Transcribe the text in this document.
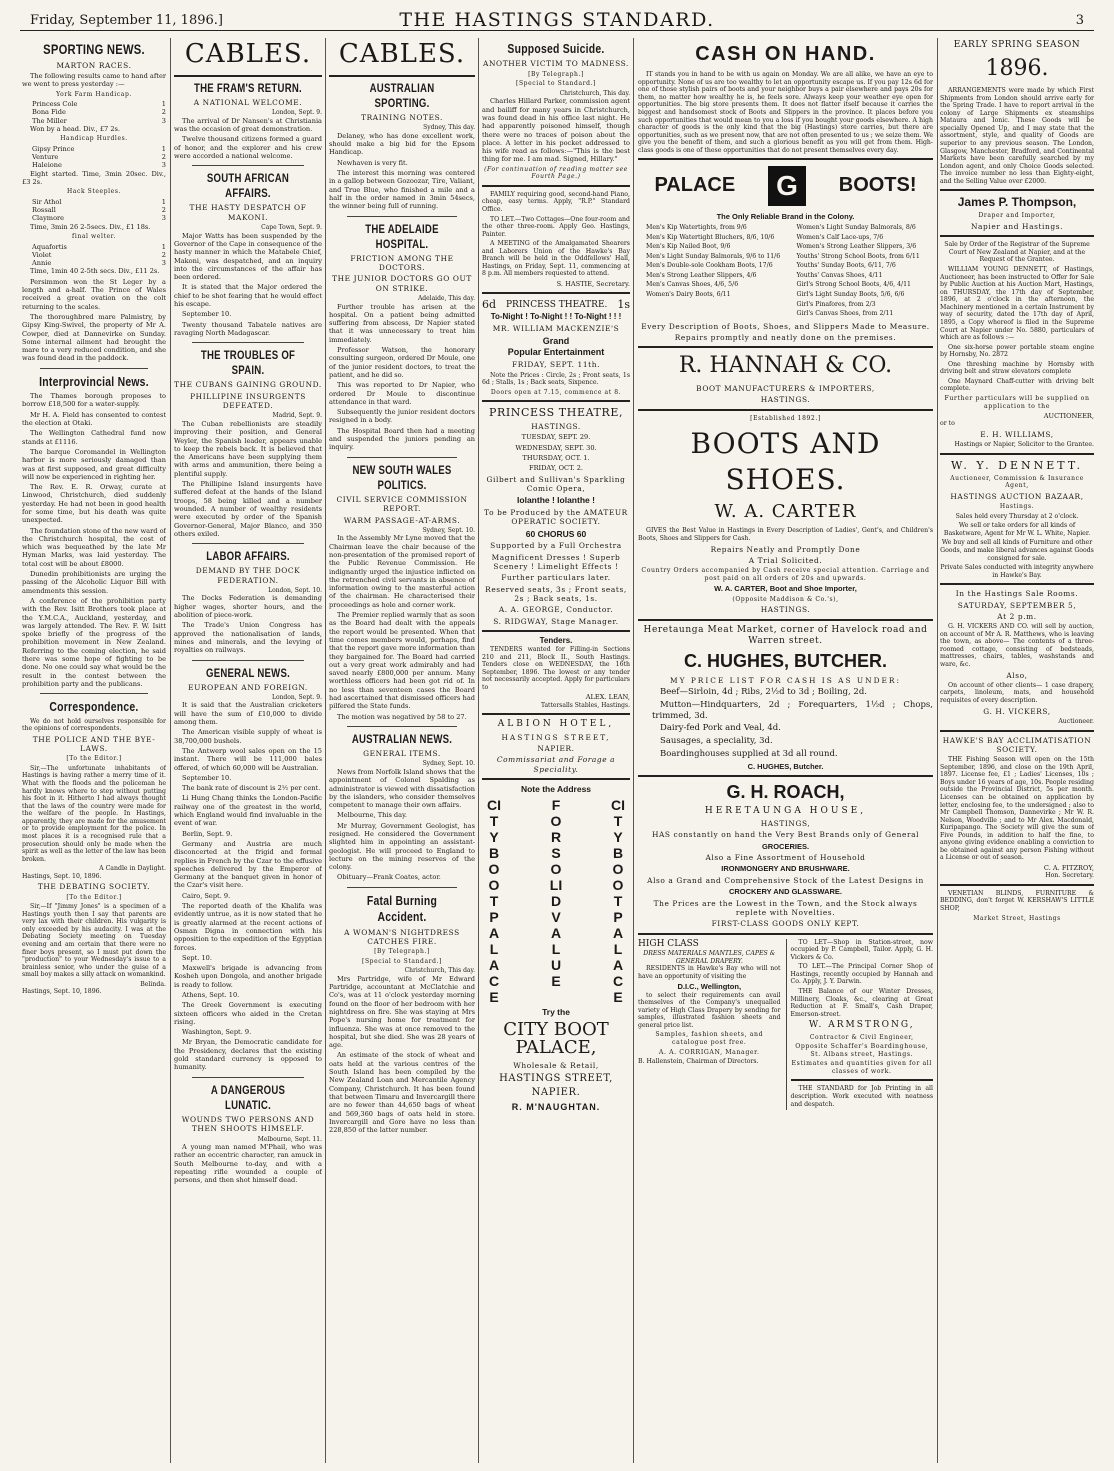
Friday, September 11, 1896.]	THE HASTINGS STANDARD.	3
SPORTING NEWS.
MARTON RACES.

The following results came to hand after we went to press yesterday :—

York Farm Handicap.
Princess Cole	1
Bona Fide	2
The Miller	3

Won by a head. Div., £7 2s.

Handicap Hurdles.
Gipsy Prince	1
Venture	2
Haleione	3

Eight started. Time, 3min 20sec. Div., £3 2s.

Hack Steeples.
Sir Athol	1
Rossall	2
Claymore	3

Time, 3min 26 2-5secs. Div., £1 18s.

final welter.
Aquafortis	1
Violet	2
Annie	3

Time, 1min 40 2-5th secs. Div., £11 2s.

Persimmon won the St Leger by a length and a-half. The Prince of Wales received a great ovation on the colt returning to the scales.

The thoroughbred mare Palmistry, by Gipsy King-Swivel, the property of Mr A. Cowper, died at Dannevirke on Sunday. Some internal ailment had brought the mare to a very reduced condition, and she was found dead in the paddock.

Interprovincial News.

The Thames borough proposes to borrow £18,500 for a water-supply.

Mr H. A. Field has consented to contest the election at Otaki.

The Wellington Cathedral fund now stands at £1116.

The barque Coromandel in Wellington harbor is more seriously damaged than was at first supposed, and great difficulty will now be experienced in righting her.

The Rev. E. R. Orway, curate at Linwood, Christchurch, died suddenly yesterday. He had not been in good health for some time, but his death was quite unexpected.

The foundation stone of the new ward of the Christchurch hospital, the cost of which was bequeathed by the late Mr Hyman Marks, was laid yesterday. The total cost will be about £8000.

Dunedin prohibitionists are urging the passing of the Alcoholic Liquor Bill with amendments this session.

A conference of the prohibition party with the Rev. Isitt Brothers took place at the Y.M.C.A., Auckland, yesterday, and was largely attended. The Rev. F. W. Isitt spoke briefly of the progress of the prohibition movement in New Zealand. Referring to the coming election, he said there was some hope of fighting to be done. No one could say what would be the result in the contest between the prohibition party and the publicans.

Correspondence.

We do not hold ourselves responsible for the opinions of correspondents.

THE POLICE AND THE BYE-LAWS.
[To the Editor.]

Sir,—The unfortunate inhabitants of Hastings is having rather a merry time of it. What with the floods and the policeman he hardly knows where to step without putting his foot in it. Hitherto I had always thought that the laws of the country were made for the welfare of the people. In Hastings, apparently, they are made for the amusement or to provide employment for the police. In most places it is a recognised rule that a prosecution should only be made when the spirit as well as the letter of the law has been broken.

A Candle in Daylight.
Hastings, Sept. 10, 1896.
THE DEBATING SOCIETY.
[To the Editor.]

Sir,—If "Jimmy Jones" is a specimen of a Hastings youth then I say that parents are very lax with their children. His vulgarity is only exceeded by his audacity. I was at the Debating Society meeting on Tuesday evening and am certain that there were no finer boys present, so I must put down the "production" to your Wednesday's issue to a brainless senior, who under the guise of a small boy makes a silly attack on womankind.

Belinda.
Hastings, Sept. 10, 1896.
CABLES.
THE FRAM'S RETURN.
A NATIONAL WELCOME.
London, Sept. 9.

The arrival of Dr Nansen's at Christiania was the occasion of great demonstration.

Twelve thousand citizens formed a guard of honor, and the explorer and his crew were accorded a national welcome.

SOUTH AFRICAN AFFAIRS.
THE HASTY DESPATCH OF MAKONI.
Cape Town, Sept. 9.

Major Watts has been suspended by the Governor of the Cape in consequence of the hasty manner in which the Matabele Chief, Makoni, was despatched, and an inquiry into the circumstances of the affair has been ordered.

It is stated that the Major ordered the chief to be shot fearing that he would effect his escape.

September 10.

Twenty thousand Tabatele natives are ravaging North Madagascar.

THE TROUBLES OF SPAIN.
THE CUBANS GAINING GROUND.
PHILLIPINE INSURGENTS DEFEATED.
Madrid, Sept. 9.

The Cuban rebellionists are steadily improving their position, and General Weyler, the Spanish leader, appears unable to keep the rebels back. It is believed that the Americans have been supplying them with arms and ammunition, there being a plentiful supply.

The Phillipine Island insurgents have suffered defeat at the hands of the Island troops, 58 being killed and a number wounded. A number of wealthy residents were executed by order of the Spanish Governor-General, Major Blanco, and 350 others exiled.

LABOR AFFAIRS.
DEMAND BY THE DOCK FEDERATION.
London, Sept. 10.

The Docks Federation is demanding higher wages, shorter hours, and the abolition of piece-work.

The Trade's Union Congress has approved the nationalisation of lands, mines and minerals, and the levying of royalties on railways.

GENERAL NEWS.
EUROPEAN AND FOREIGN.
London, Sept. 9.

It is said that the Australian cricketers will have the sum of £10,000 to divide among them.

The American visible supply of wheat is 38,700,000 bushels.

The Antwerp wool sales open on the 15 instant. There will be 111,000 bales offered, of which 60,000 will be Australian.

September 10.

The bank rate of discount is 2½ per cent.

Li Hung Chang thinks the London-Pacific railway one of the greatest in the world, which England would find invaluable in the event of war.

Berlin, Sept. 9.

Germany and Austria are much disconcerted at the frigid and formal replies in French by the Czar to the effusive speeches delivered by the Emperor of Germany at the banquet given in honor of the Czar's visit here.

Cairo, Sept. 9.

The reported death of the Khalifa was evidently untrue, as it is now stated that he is greatly alarmed at the recent actions of Osman Digna in connection with his opposition to the expedition of the Egyptian forces.

Sept. 10.

Maxwell's brigade is advancing from Kosheh upon Dongola, and another brigade is ready to follow.

Athens, Sept. 10.

The Greek Government is executing sixteen officers who aided in the Cretan rising.

Washington, Sept. 9.

Mr Bryan, the Democratic candidate for the Presidency, declares that the existing gold standard currency is opposed to humanity.

A DANGEROUS LUNATIC.
WOUNDS TWO PERSONS AND THEN SHOOTS HIMSELF.
Melbourne, Sept. 11.

A young man named M'Phail, who was rather an eccentric character, ran amuck in South Melbourne to-day, and with a repeating rifle wounded a couple of persons, and then shot himself dead.

CABLES.
AUSTRALIAN SPORTING.
TRAINING NOTES.
Sydney, This day.

Delaney, who has done excellent work, should make a big bid for the Epsom Handicap.

Newhaven is very fit.

The interest this morning was centered in a gallop between Gozoozar, Tire, Valiant, and True Blue, who finished a mile and a half in the order named in 3min 54secs, the winner being full of running.

THE ADELAIDE HOSPITAL.
FRICTION AMONG THE DOCTORS.
THE JUNIOR DOCTORS GO OUT ON STRIKE.
Adelaide, This day.

Further trouble has arisen at the hospital. On a patient being admitted suffering from abscess, Dr Napier stated that it was unnecessary to treat him immediately.

Professor Watson, the honorary consulting surgeon, ordered Dr Moule, one of the junior resident doctors, to treat the patient, and he did so.

This was reported to Dr Napier, who ordered Dr Moule to discontinue attendance in that ward.

Subsequently the junior resident doctors resigned in a body.

The Hospital Board then had a meeting and suspended the juniors pending an inquiry.

NEW SOUTH WALES POLITICS.
CIVIL SERVICE COMMISSION REPORT.
WARM PASSAGE-AT-ARMS.
Sydney, Sept. 10.

In the Assembly Mr Lyne moved that the Chairman leave the chair because of the non-presentation of the promised report of the Public Revenue Commission. He indignantly urged the injustice inflicted on the retrenched civil servants in absence of information owing to the masterful action of the chairman. He characterised their proceedings as hole and corner work.

The Premier replied warmly that as soon as the Board had dealt with the appeals the report would be presented. When that time comes members would, perhaps, find that the report gave more information than they bargained for. The Board had carried out a very great work admirably and had saved nearly £800,000 per annum. Many worthless officers had been got rid of. In no less than seventeen cases the Board had ascertained that dismissed officers had pilfered the State funds.

The motion was negatived by 58 to 27.

AUSTRALIAN NEWS.
GENERAL ITEMS.
Sydney, Sept. 10.

News from Norfolk Island shows that the appointment of Colonel Spalding as administrator is viewed with dissatisfaction by the islanders, who consider themselves competent to manage their own affairs.

Melbourne, This day.

Mr Murray, Government Geologist, has resigned. He considered the Government slighted him in appointing an assistant-geologist. He will proceed to England to lecture on the mining reserves of the colony.

Obituary—Frank Coates, actor.

Fatal Burning Accident.
A WOMAN'S NIGHTDRESS CATCHES FIRE.
[By Telegraph.]
[Special to Standard.]
Christchurch, This day.

Mrs Partridge, wife of Mr Edward Partridge, accountant at McClatchie and Co's, was at 11 o'clock yesterday morning found on the floor of her bedroom with her nightdress on fire. She was staying at Mrs Pope's nursing home for treatment for influenza. She was at once removed to the hospital, but she died. She was 28 years of age.

An estimate of the stock of wheat and oats held at the various centres of the South Island has been compiled by the New Zealand Loan and Mercantile Agency Company, Christchurch. It has been found that between Timaru and Invercargill there are no fewer than 44,650 bags of wheat and 569,360 bags of oats held in store. Invercargill and Gore have no less than 228,850 of the latter number.

Supposed Suicide.
ANOTHER VICTIM TO MADNESS.
[By Telegraph.]
[Special to Standard.]
Christchurch, This day.

Charles Hillard Parker, commission agent and bailiff for many years in Christchurch, was found dead in his office last night. He had apparently poisoned himself, though there were no traces of poison about the place. A letter in his pocket addressed to his wife read as follows:—"This is the best thing for me. I am mad. Signed, Hillary."

(For continuation of reading matter see Fourth Page.)

FAMILY requiring good, second-hand Piano, cheap, easy terms. Apply, "R.P." Standard Office.

TO LET.—Two Cottages—One four-room and the other three-room. Apply Geo. Hastings, Painter.

A MEETING of the Amalgamated Shearers and Laborers Union of the Hawke's Bay Branch will be held in the Oddfellows' Hall, Hastings, on Friday, Sept. 11, commencing at 8 p.m. All members requested to attend.

S. HASTIE, Secretary.
6d PRINCESS THEATRE. 1s
To-Night ! To-Night ! ! To-Night ! ! !
MR. WILLIAM MACKENZIE'S
Grand
Popular Entertainment
FRIDAY, SEPT. 11th.

Note the Prices : Circle, 2s ; Front seats, 1s 6d ; Stalls, 1s ; Back seats, Sixpence.

Doors open at 7.15, commence at 8.
PRINCESS THEATRE,
HASTINGS.

TUESDAY, SEPT. 29.

WEDNESDAY, SEPT. 30.

THURSDAY, OCT. 1.

FRIDAY, OCT. 2.

Gilbert and Sullivan's Sparkling Comic Opera,
Iolanthe ! Iolanthe !
To be Produced by the AMATEUR OPERATIC SOCIETY.
60 CHORUS 60
Supported by a Full Orchestra
Magnificent Dresses ! Superb Scenery ! Limelight Effects !
Further particulars later.
Reserved seats, 3s ; Front seats, 2s ; Back seats, 1s.
A. A. GEORGE, Conductor.
S. RIDGWAY, Stage Manager.
Tenders.

TENDERS wanted for Filling-in Sections 210 and 211, Block II., South Hastings. Tenders close on WEDNESDAY, the 16th September, 1896. The lowest or any tender not necessarily accepted. Apply for particulars to

ALEX. LEAN,
Tattersalls Stables, Hastings.
ALBION HOTEL,
HASTINGS STREET,
NAPIER.
Commissariat and Forage a Speciality.
Note the Address
CITY BOOT PALACE
FOR SOLID VALUE
CITY BOOT PALACE
Try the
CITY BOOT PALACE,
Wholesale & Retail,
HASTINGS STREET,
NAPIER.
R. M'NAUGHTAN.
CASH ON HAND.

IT stands you in hand to be with us again on Monday. We are all alike, we have an eye to opportunity. None of us are too wealthy to let an opportunity escape us. If you pay 12s 6d for one of those stylish pairs of boots and your neighbor buys a pair elsewhere and pays 20s for them, no matter how wealthy he is, he feels sore. Always keep your weather eye open for opportunities. The big store presents them. It does not flatter itself because it carries the biggest and handsomest stock of Boots and Slippers in the province. It places before you such opportunities that would mean to you a loss if you bought your goods elsewhere. A high character of goods is the only kind that the big (Hastings) store carries, but there are opportunities, such as we present now, that are not often presented to us ; we seize them. We give you the benefit of them, and such a glorious benefit as you will get from them. High-class goods is one of these opportunities that do not present themselves every day.

PALACE G	BOOTS!
The Only Reliable Brand in the Colony.

Men's Kip Watertights, from 9/6

Men's Kip Watertight Bluchers, 8/6, 10/6

Men's Kip Nailed Boot, 9/6

Men's Light Sunday Balmorals, 9/6 to 11/6

Men's Double-sole Cookham Boots, 17/6

Men's Strong Leather Slippers, 4/6

Men's Canvas Shoes, 4/6, 5/6

Women's Dairy Boots, 6/11

Women's Light Sunday Balmorals, 8/6

Women's Calf Lace-ups, 7/6

Women's Strong Leather Slippers, 3/6

Youths' Strong School Boots, from 6/11

Youths' Sunday Boots, 6/11, 7/6

Youths' Canvas Shoes, 4/11

Girl's Strong School Boots, 4/6, 4/11

Girl's Light Sunday Boots, 5/6, 6/6

Girl's Pinafores, from 2/3

Girl's Canvas Shoes, from 2/11

Every Description of Boots, Shoes, and Slippers Made to Measure.
Repairs promptly and neatly done on the premises.
R. HANNAH & CO.
BOOT MANUFACTURERS & IMPORTERS,
HASTINGS.
[Established 1892.]
BOOTS AND SHOES.
W. A. CARTER

GIVES the Best Value in Hastings in Every Description of Ladies', Gent's, and Children's Boots, Shoes and Slippers for Cash.

Repairs Neatly and Promptly Done
A Trial Solicited.
Country Orders accompanied by Cash receive special attention. Carriage and post paid on all orders of 20s and upwards.
W. A. CARTER, Boot and Shoe Importer,
(Opposite Maddison & Co.'s),
HASTINGS.
Heretaunga Meat Market, corner of Havelock road and Warren street.
C. HUGHES, BUTCHER.
MY PRICE LIST FOR CASH IS AS UNDER:

Beef—Sirloin, 4d ; Ribs, 2½d to 3d ; Boiling, 2d.

Mutton—Hindquarters, 2d ; Forequarters, 1½d ; Chops, trimmed, 3d.

Dairy-fed Pork and Veal, 4d.

Sausages, a speciality, 3d.

Boardinghouses supplied at 3d all round.

C. HUGHES, Butcher.
G. H. ROACH,
HERETAUNGA HOUSE,
HASTINGS,
HAS constantly on hand the Very Best Brands only of General
GROCERIES.
Also a Fine Assortment of Household
IRONMONGERY AND BRUSHWARE.
Also a Grand and Comprehensive Stock of the Latest Designs in
CROCKERY AND GLASSWARE.
The Prices are the Lowest in the Town, and the Stock always replete with Novelties.
FIRST-CLASS GOODS ONLY KEPT.
HIGH CLASS
DRESS MATERIALS MANTLES, CAPES & GENERAL DRAPERY.

RESIDENTS in Hawke's Bay who will not have an opportunity of visiting the

D.I.C., Wellington,

to select their requirements can avail themselves of the Company's unequalled variety of High Class Drapery by sending for samples, illustrated fashion sheets and general price list.

Samples, fashion sheets, and catalogue post free.
A. A. CORRIGAN, Manager.
B. Hallenstein, Chairman of Directors.

TO LET—Shop in Station-street, now occupied by P. Campbell, Tailor. Apply, G. H. Vickers & Co.

TO LET.—The Principal Corner Shop of Hastings, recently occupied by Hannah and Co. Apply, J. Y. Darwin.

THE Balance of our Winter Dresses, Millinery, Cloaks, &c., clearing at Great Reduction at F. Small's, Cash Draper, Emerson-street.

W. ARMSTRONG,
Contractor & Civil Engineer,
Opposite Schaffer's Boardinghouse, St. Albans street, Hastings.
Estimates and quantities given for all classes of work.

THE STANDARD for Job Printing in all description. Work executed with neatness and despatch.

EARLY SPRING SEASON
1896.

ARRANGEMENTS were made by which First Shipments from London should arrive early for the Spring Trade. I have to report arrival in the colony of Large Shipments ex steamships Mataura and Ionic. These Goods will be specially Opened Up, and I may state that the assortment, style, and quality of Goods are superior to any previous season. The London, Glasgow, Manchester, Bradford, and Continental Markets have been carefully searched by my London agent, and only Choice Goods selected. The invoice number no less than Eighty-eight, and the Selling Value over £2000.

James P. Thompson,
Draper and Importer,
Napier and Hastings.

Sale by Order of the Registrar of the Supreme Court of New Zealand at Napier, and at the Request of the Grantee.

WILLIAM YOUNG DENNETT, of Hastings, Auctioneer, has been instructed to Offer for Sale by Public Auction at his Auction Mart, Hastings, on THURSDAY, the 17th day of September, 1896, at 2 o'clock in the afternoon, the Machinery mentioned in a certain Instrument by way of security, dated the 17th day of April, 1895, a Copy whereof is filed in the Supreme Court at Napier under No. 5880, particulars of which are as follows :—

One six-horse power portable steam engine by Hornsby, No. 2872

One threshing machine by Hornsby with driving belt and straw elevators complete

One Maynard Chaff-cutter with driving belt complete.

Further particulars will be supplied on application to the
AUCTIONEER,
or to
E. H. WILLIAMS,
Hastings or Napier, Solicitor to the Grantee.
W. Y. DENNETT.
Auctioneer, Commission & Insurance Agent,
HASTINGS AUCTION BAZAAR,
Hastings.

Sales held every Thursday at 2 o'clock.

We sell or take orders for all kinds of Basketware, Agent for Mr W. L. White, Napier.

We buy and sell all kinds of Furniture and other Goods, and make liberal advances against Goods consigned for sale.

Private Sales conducted with integrity anywhere in Hawke's Bay.

In the Hastings Sale Rooms.
SATURDAY, SEPTEMBER 5,
At 2 p.m.

G. H. VICKERS AND CO. will sell by auction, on account of Mr A. R. Matthews, who is leaving the town, as above— The contents of a three-roomed cottage, consisting of bedsteads, mattresses, chairs, tables, washstands and ware, &c.

Also,

On account of other clients— 1 case drapery, carpets, linoleum, mats, and household requisites of every description.

G. H. VICKERS,
Auctioneer.
HAWKE'S BAY ACCLIMATISATION SOCIETY.

THE Fishing Season will open on the 15th September, 1896, and close on the 19th April, 1897. License fee, £1 ; Ladies' Licenses, 10s ; Boys under 16 years of age, 10s. People residing outside the Provincial District, 5s per month. Licenses can be obtained on application by letter, enclosing fee, to the undersigned ; also to Mr Campbell Thomson, Dannevirke ; Mr W. R. Nelson, Woodville ; and to Mr Alex. Macdonald, Kuripapango. The Society will give the sum of Five Pounds, in addition to half the fine, to anyone giving evidence enabling a conviction to be obtained against any person Fishing without a License or out of season.

C. A. FITZROY,
Hon. Secretary.

VENETIAN BLINDS, FURNITURE & BEDDING, don't forget W. KERSHAW'S LITTLE SHOP,

Market Street, Hastings
